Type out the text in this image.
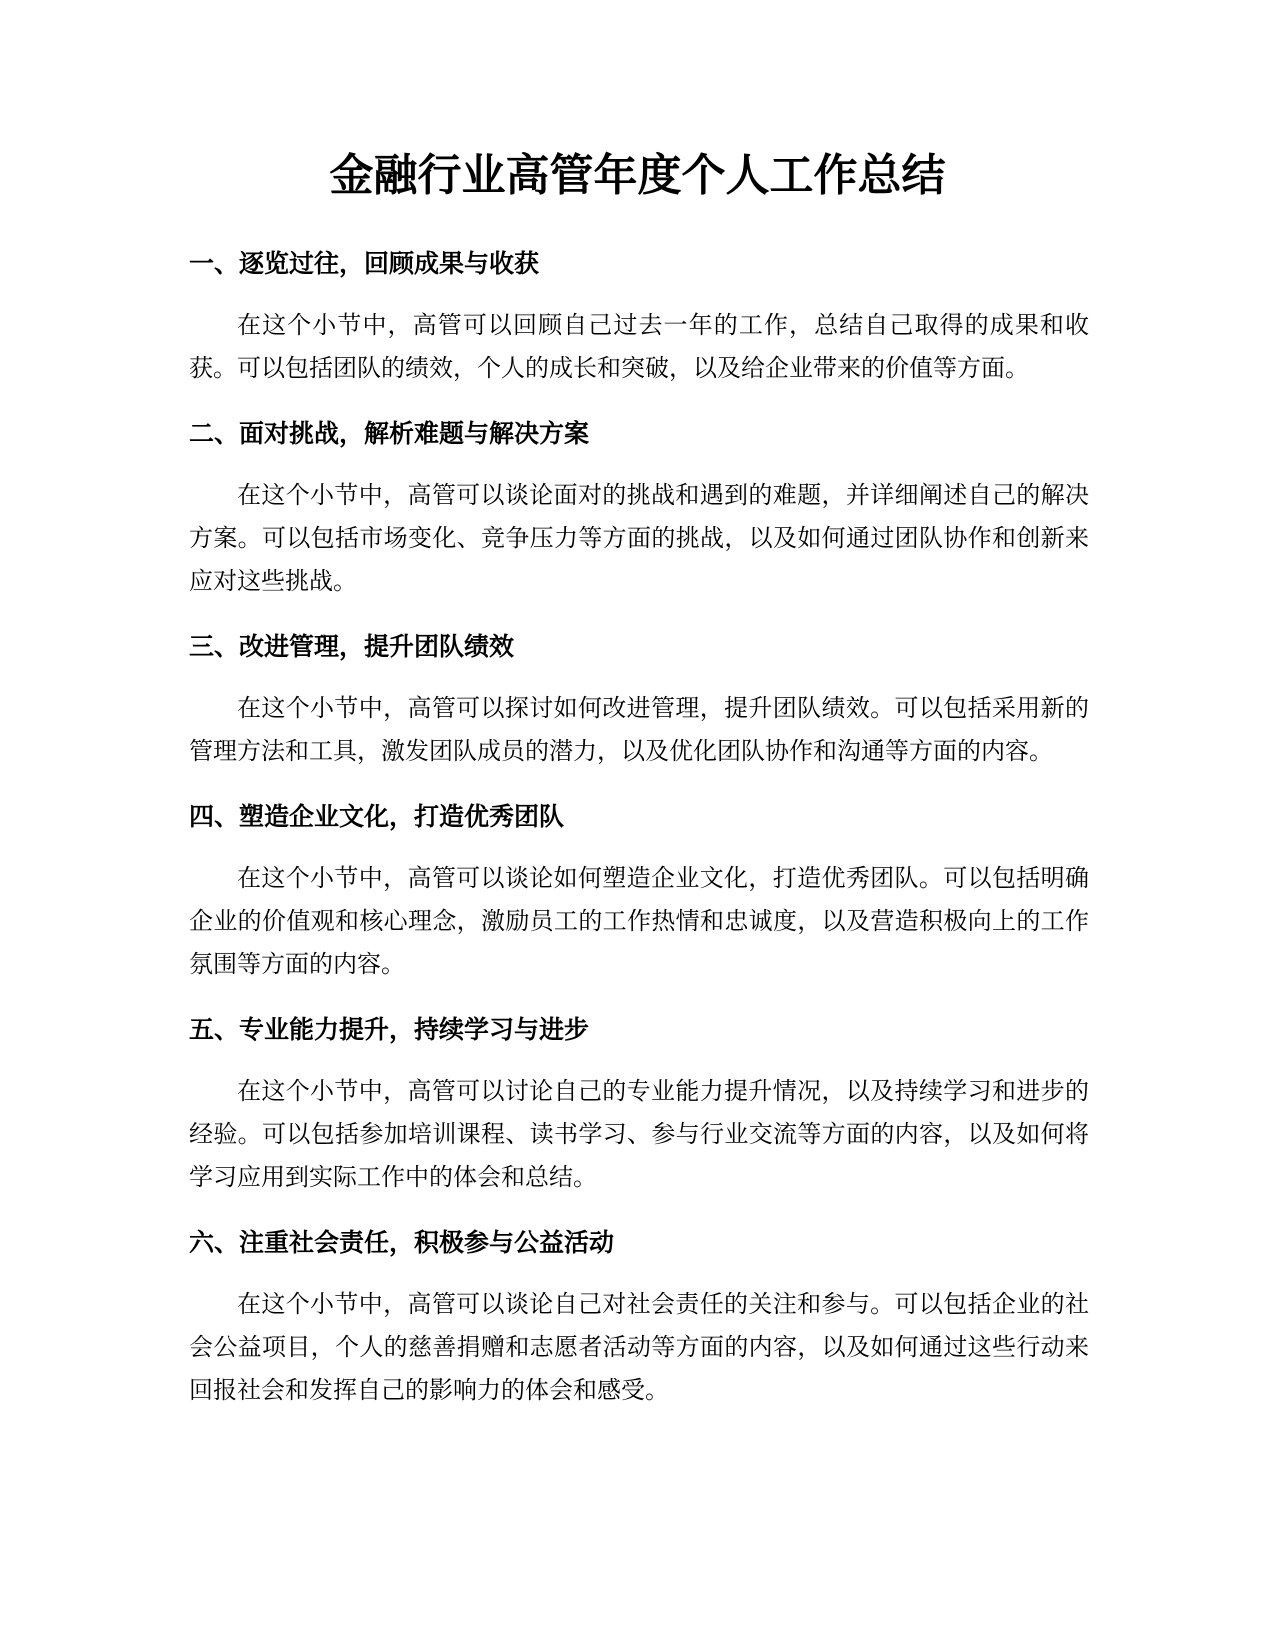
金融行业高管年度个人工作总结
一、逐览过往，回顾成果与收获

在这个小节中，高管可以回顾自己过去一年的工作，总结自己取得的成果和收获。可以包括团队的绩效，个人的成长和突破，以及给企业带来的价值等方面。

二、面对挑战，解析难题与解决方案

在这个小节中，高管可以谈论面对的挑战和遇到的难题，并详细阐述自己的解决方案。可以包括市场变化、竞争压力等方面的挑战，以及如何通过团队协作和创新来应对这些挑战。

三、改进管理，提升团队绩效

在这个小节中，高管可以探讨如何改进管理，提升团队绩效。可以包括采用新的管理方法和工具，激发团队成员的潜力，以及优化团队协作和沟通等方面的内容。

四、塑造企业文化，打造优秀团队

在这个小节中，高管可以谈论如何塑造企业文化，打造优秀团队。可以包括明确企业的价值观和核心理念，激励员工的工作热情和忠诚度，以及营造积极向上的工作氛围等方面的内容。

五、专业能力提升，持续学习与进步

在这个小节中，高管可以讨论自己的专业能力提升情况，以及持续学习和进步的经验。可以包括参加培训课程、读书学习、参与行业交流等方面的内容，以及如何将学习应用到实际工作中的体会和总结。

六、注重社会责任，积极参与公益活动

在这个小节中，高管可以谈论自己对社会责任的关注和参与。可以包括企业的社会公益项目，个人的慈善捐赠和志愿者活动等方面的内容，以及如何通过这些行动来回报社会和发挥自己的影响力的体会和感受。
